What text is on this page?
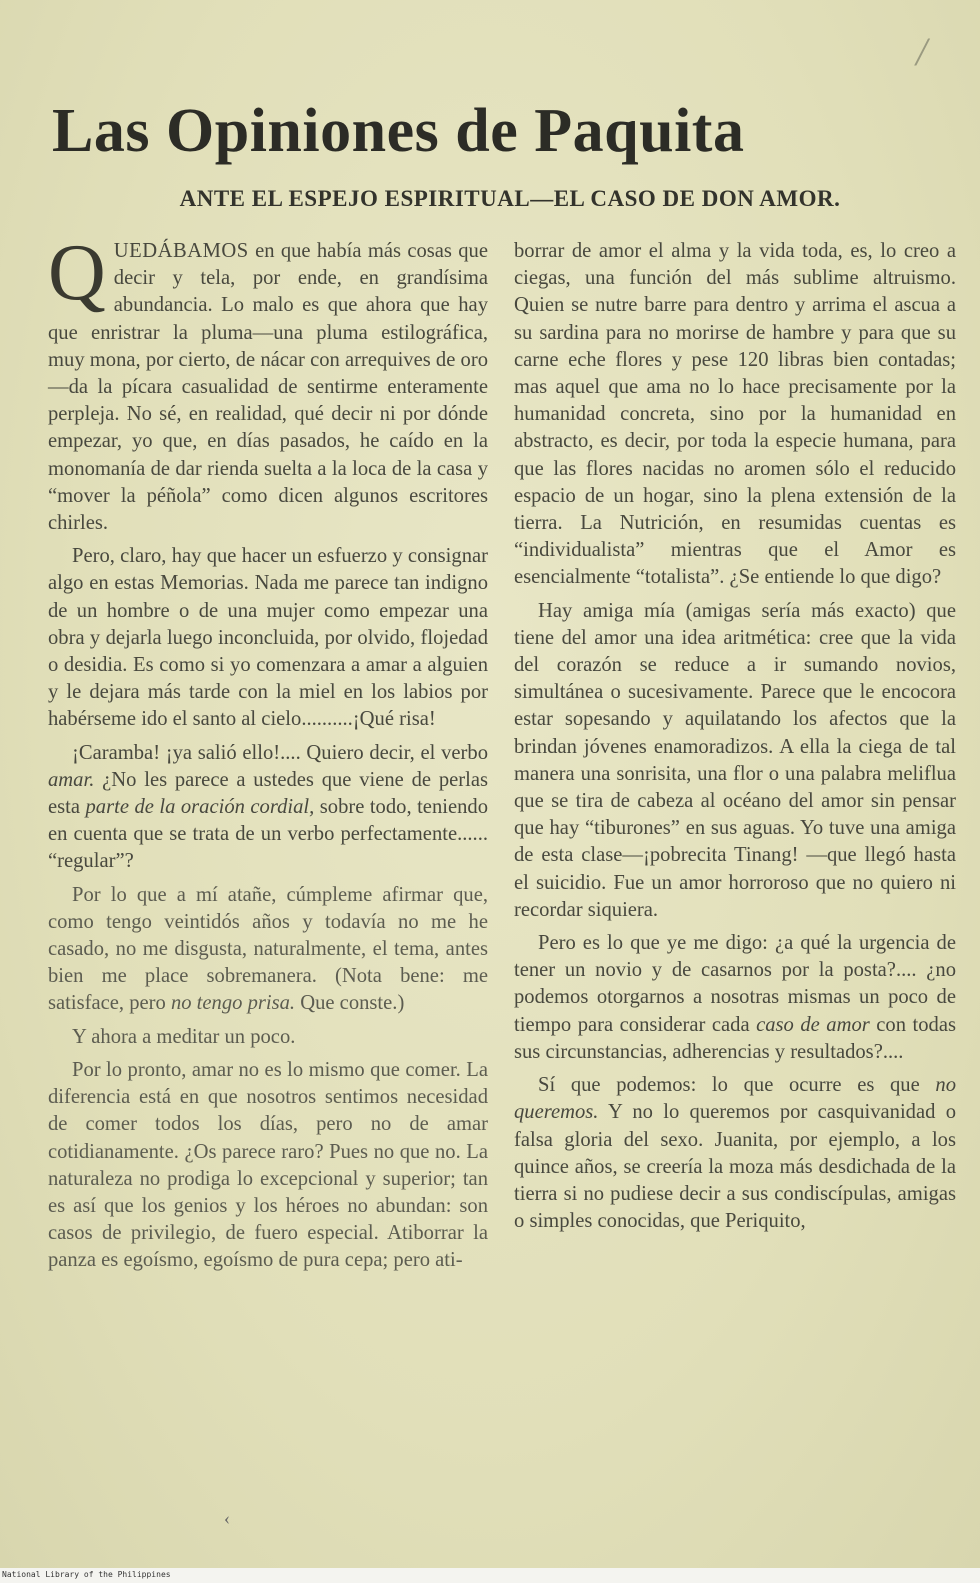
/
Las Opiniones de Paquita
ANTE EL ESPEJO ESPIRITUAL—EL CASO DE DON AMOR.

QUEDÁBAMOS en que había más cosas que decir y tela, por ende, en grandísima abundancia. Lo malo es que ahora que hay que enristrar la pluma—una pluma estilográfica, muy mona, por cierto, de nácar con arrequives de oro—da la pícara casualidad de sentirme enteramente perpleja. No sé, en realidad, qué decir ni por dónde empezar, yo que, en días pasados, he caído en la monomanía de dar rienda suelta a la loca de la casa y “mover la péñola” como dicen algunos escritores chirles.

Pero, claro, hay que hacer un esfuerzo y consignar algo en estas Memorias. Nada me parece tan indigno de un hombre o de una mujer como empezar una obra y dejarla luego inconcluida, por olvido, flojedad o desidia. Es como si yo comenzara a amar a alguien y le dejara más tarde con la miel en los labios por habérseme ido el santo al cielo..........¡Qué risa!

¡Caramba! ¡ya salió ello!.... Quiero decir, el verbo amar. ¿No les parece a ustedes que viene de perlas esta parte de la oración cordial, sobre todo, teniendo en cuenta que se trata de un verbo perfectamente...... “regular”?

Por lo que a mí atañe, cúmpleme afirmar que, como tengo veintidós años y todavía no me he casado, no me disgusta, naturalmente, el tema, antes bien me place sobremanera. (Nota bene: me satisface, pero no tengo prisa. Que conste.)

Y ahora a meditar un poco.

Por lo pronto, amar no es lo mismo que comer. La diferencia está en que nosotros sentimos necesidad de comer todos los días, pero no de amar cotidianamente. ¿Os parece raro? Pues no que no. La naturaleza no prodiga lo excepcional y superior; tan es así que los genios y los héroes no abundan: son casos de privilegio, de fuero especial. Atiborrar la panza es egoísmo, egoísmo de pura cepa; pero ati-

borrar de amor el alma y la vida toda, es, lo creo a ciegas, una función del más sublime altruismo. Quien se nutre barre para dentro y arrima el ascua a su sardina para no morirse de hambre y para que su carne eche flores y pese 120 libras bien contadas; mas aquel que ama no lo hace precisamente por la humanidad concreta, sino por la humanidad en abstracto, es decir, por toda la especie humana, para que las flores nacidas no aromen sólo el reducido espacio de un hogar, sino la plena extensión de la tierra. La Nutrición, en resumidas cuentas es “individualista” mientras que el Amor es esencialmente “totalista”. ¿Se entiende lo que digo?

Hay amiga mía (amigas sería más exacto) que tiene del amor una idea aritmética: cree que la vida del corazón se reduce a ir sumando novios, simultánea o sucesivamente. Parece que le encocora estar sopesando y aquilatando los afectos que la brindan jóvenes enamoradizos. A ella la ciega de tal manera una sonrisita, una flor o una palabra meliflua que se tira de cabeza al océano del amor sin pensar que hay “tiburones” en sus aguas. Yo tuve una amiga de esta clase—¡pobrecita Tinang! —que llegó hasta el suicidio. Fue un amor horroroso que no quiero ni recordar siquiera.

Pero es lo que ye me digo: ¿a qué la urgencia de tener un novio y de casarnos por la posta?.... ¿no podemos otorgarnos a nosotras mismas un poco de tiempo para considerar cada caso de amor con todas sus circunstancias, adherencias y resultados?....

Sí que podemos: lo que ocurre es que no queremos. Y no lo queremos por casquivanidad o falsa gloria del sexo. Juanita, por ejemplo, a los quince años, se creería la moza más desdichada de la tierra si no pudiese decir a sus condiscípulas, amigas o simples conocidas, que Periquito,

‹
National Library of the Philippines
